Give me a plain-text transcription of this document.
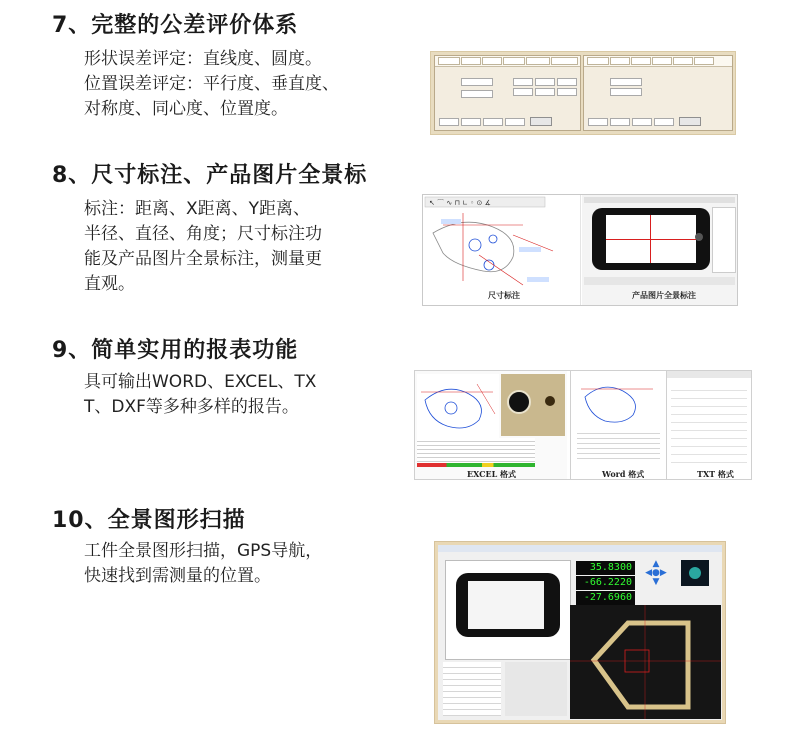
7、完整的公差评价体系
形状误差评定：直线度、圆度。
位置误差评定：平行度、垂直度、
对称度、同心度、位置度。
8、尺寸标注、产品图片全景标
标注：距离、X距离、Y距离、
半径、直径、角度；尺寸标注功
能及产品图片全景标注，测量更
直观。
↖ ⌒ ∿ ⊓ ∟ ◦ ⊙ ∡
尺寸标注	产品图片全景标注
9、简单实用的报表功能
具可输出WORD、EXCEL、TX
T、DXF等多种多样的报告。
EXCEL 格式	Word 格式	TXT 格式
10、全景图形扫描
工件全景图形扫描，GPS导航，
快速找到需测量的位置。	35.8300
-66.2220
-27.6960
▲
◀●▶
▼
